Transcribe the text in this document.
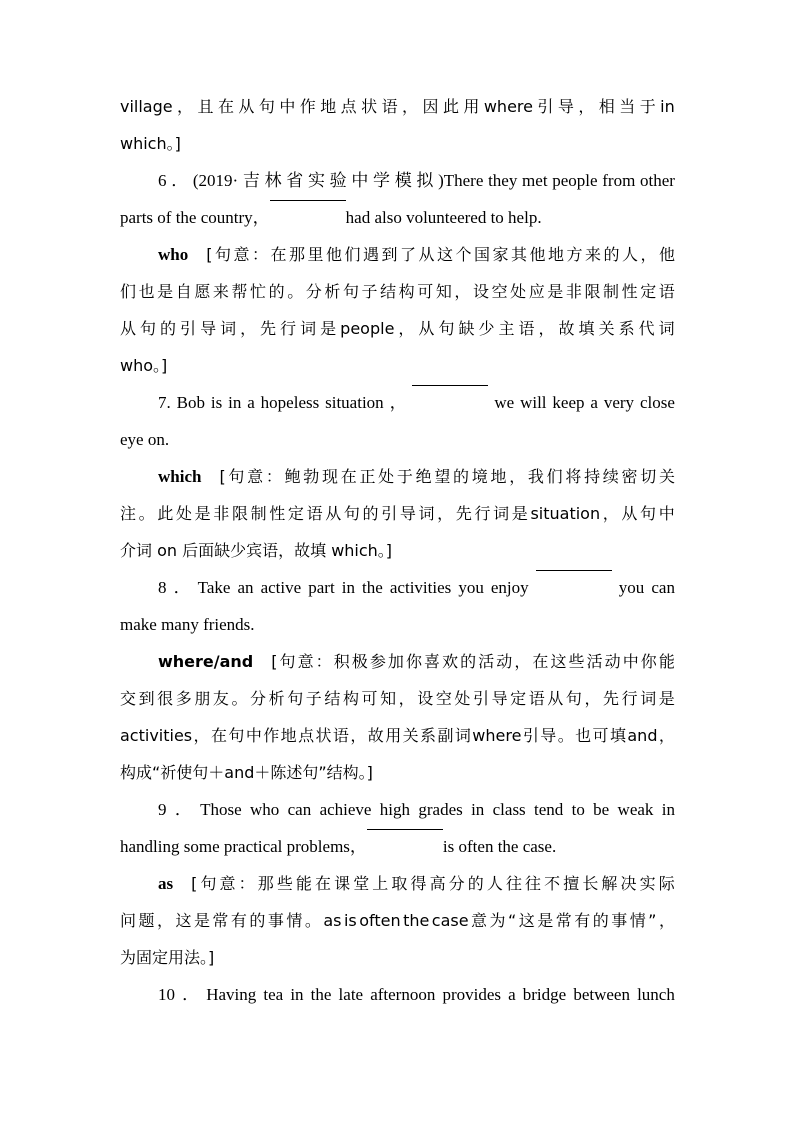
village ， 且 在 从 句 中 作 地 点 状 语 ， 因 此 用 where 引 导 ， 相 当 于 in
which。]
6 ． (2019· 吉 林 省 实 验 中 学 模 拟 )There they met people from other
parts of the country，	had also volunteered to help.
who [ 句 意 ： 在 那 里 他 们 遇 到 了 从 这 个 国 家 其 他 地 方 来 的 人 ， 他
们 也 是 自 愿 来 帮 忙 的 。 分 析 句 子 结 构 可 知 ， 设 空 处 应 是 非 限 制 性 定 语
从 句 的 引 导 词 ， 先 行 词 是 people ， 从 句 缺 少 主 语 ， 故 填 关 系 代 词
who。]
7. Bob is in a hopeless situation ，	we will keep a very close
eye on.
which [ 句 意 ： 鲍 勃 现 在 正 处 于 绝 望 的 境 地 ， 我 们 将 持 续 密 切 关
注 。 此 处 是 非 限 制 性 定 语 从 句 的 引 导 词 ， 先 行 词 是 situation ， 从 句 中
介词 on 后面缺少宾语，故填 which。]
8 ． Take an active part in the activities you enjoy	you can
make many friends.
where/and [ 句 意 ： 积 极 参 加 你 喜 欢 的 活 动 ， 在 这 些 活 动 中 你 能
交 到 很 多 朋 友 。 分 析 句 子 结 构 可 知 ， 设 空 处 引 导 定 语 从 句 ， 先 行 词 是
activities ， 在 句 中 作 地 点 状 语 ， 故 用 关 系 副 词 where 引 导 。 也 可 填 and ，
构成“祈使句＋and＋陈述句”结构。]
9 ． Those who can achieve high grades in class tend to be weak in
handling some practical problems，	is often the case.
as [ 句 意 ： 那 些 能 在 课 堂 上 取 得 高 分 的 人 往 往 不 擅 长 解 决 实 际
问 题 ， 这 是 常 有 的 事 情 。 as is often the case 意 为 “ 这 是 常 有 的 事 情 ” ，
为固定用法。]
10 ． Having tea in the late afternoon provides a bridge between lunch
